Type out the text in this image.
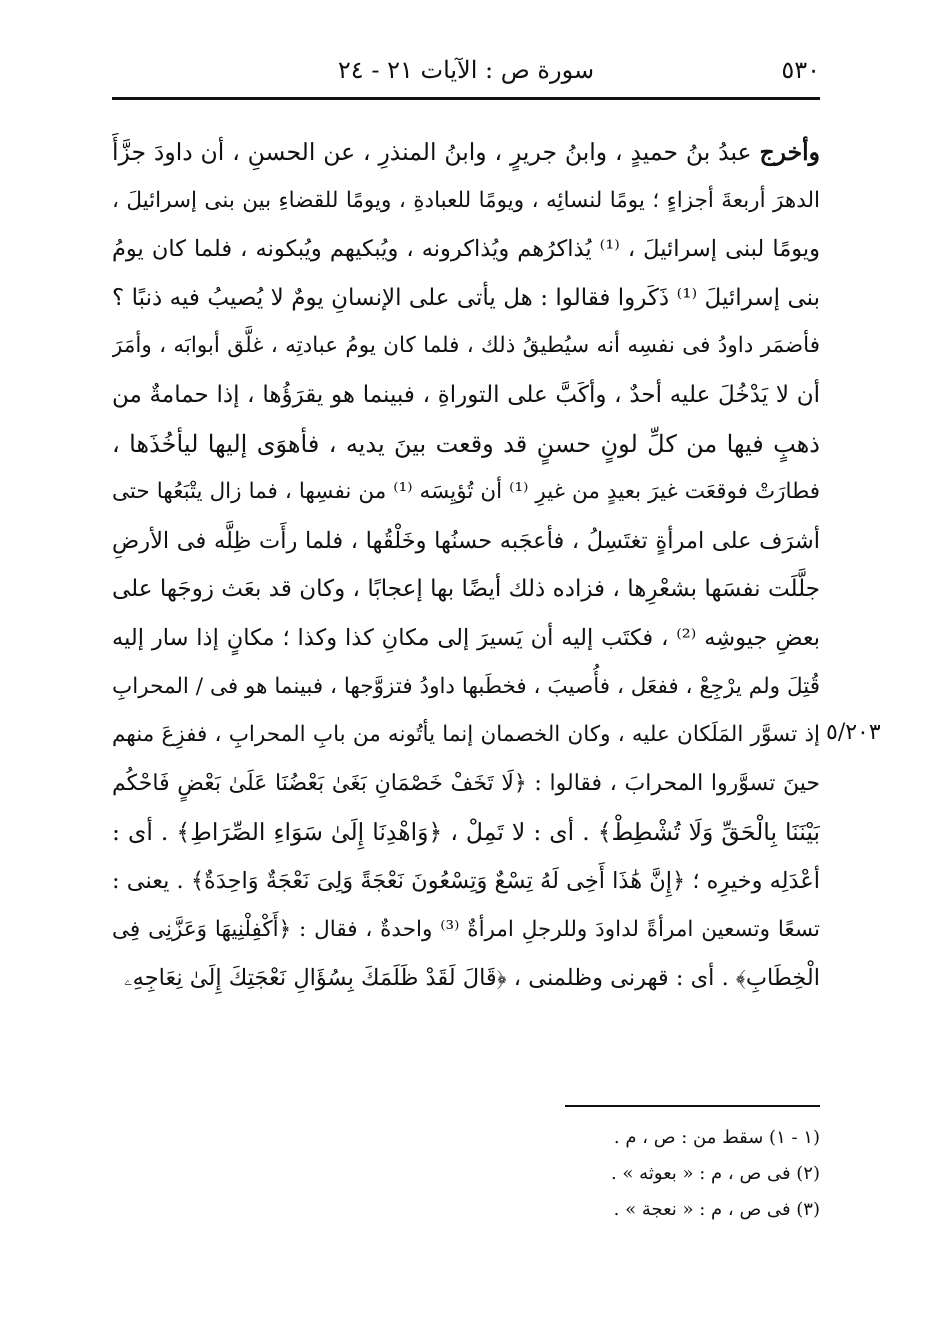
٥٣٠
سورة ص : الآيات ٢١ - ٢٤
٥/٢٠٣
وأخرج عبدُ بنُ حميدٍ ، وابنُ جريرٍ ، وابنُ المنذرِ ، عن الحسنِ ، أن داودَ جزَّأَ
الدهرَ أربعةَ أجزاءٍ ؛ يومًا لنسائِه ، ويومًا للعبادةِ ، ويومًا للقضاءِ بين بنى إسرائيلَ ،
ويومًا لبنى إسرائيلَ ، ⁽¹⁾ يُذاكرُهم ويُذاكرونه ، ويُبكيهم ويُبكونه ، فلما كان يومُ
بنى إسرائيلَ ⁽¹⁾ ذَكَروا فقالوا : هل يأتى على الإنسانِ يومٌ لا يُصيبُ فيه ذنبًا ؟
فأضمَر داودُ فى نفسِه أنه سيُطيقُ ذلك ، فلما كان يومُ عبادتِه ، غلَّق أبوابَه ، وأمَرَ
أن لا يَدْخُلَ عليه أحدٌ ، وأكَبَّ على التوراةِ ، فبينما هو يقرَؤُها ، إذا حمامةٌ من
ذهبٍ فيها من كلِّ لونٍ حسنٍ قد وقعت بينَ يديه ، فأهوَى إليها ليأخُذَها ،
فطارَتْ فوقعَت غيرَ بعيدٍ من غيرِ ⁽¹⁾ أن تُؤيِسَه ⁽¹⁾ من نفسِها ، فما زال يتْبَعُها حتى
أشرَف على امرأةٍ تغتَسِلُ ، فأعجَبه حسنُها وخَلْقُها ، فلما رأَت ظِلَّه فى الأرضِ
جلَّلَت نفسَها بشعْرِها ، فزاده ذلك أيضًا بها إعجابًا ، وكان قد بعَث زوجَها على
بعضِ جيوشِه ⁽²⁾ ، فكتَب إليه أن يَسيرَ إلى مكانِ كذا وكذا ؛ مكانٍ إذا سار إليه
قُتِلَ ولم يرْجِعْ ، ففعَل ، فأُصيبَ ، فخطَبها داودُ فتزوَّجها ، فبينما هو فى / المحرابِ
إذ تسوَّر المَلَكان عليه ، وكان الخصمان إنما يأتُونه من بابِ المحرابِ ، ففزِعَ منهم
حينَ تسوَّروا المحرابَ ، فقالوا : ﴿لَا تَخَفْ خَصْمَانِ بَغَىٰ بَعْضُنَا عَلَىٰ بَعْضٍ فَاحْكُم
بَيْنَنَا بِالْحَقِّ وَلَا تُشْطِطْ﴾ . أى : لا تَمِلْ ، ﴿وَاهْدِنَا إِلَىٰ سَوَاءِ الصِّرَاطِ﴾ . أى :
أعْدَلِه وخيرِه ؛ ﴿إِنَّ هَٰذَا أَخِى لَهُ تِسْعٌ وَتِسْعُونَ نَعْجَةً وَلِىَ نَعْجَةٌ وَاحِدَةٌ﴾ . يعنى :
تسعًا وتسعين امرأةً لداودَ وللرجلِ امرأةٌ ⁽³⁾ واحدةٌ ، فقال : ﴿أَكْفِلْنِيهَا وَعَزَّنِى فِى
الْخِطَابِ﴾ . أى : قهرنى وظلمنى ، ﴿قَالَ لَقَدْ ظَلَمَكَ بِسُؤَالِ نَعْجَتِكَ إِلَىٰ نِعَاجِهِۦ
(١ - ١) سقط من : ص ، م .
(٢) فى ص ، م : « بعوثه » .
(٣) فى ص ، م : « نعجة » .
